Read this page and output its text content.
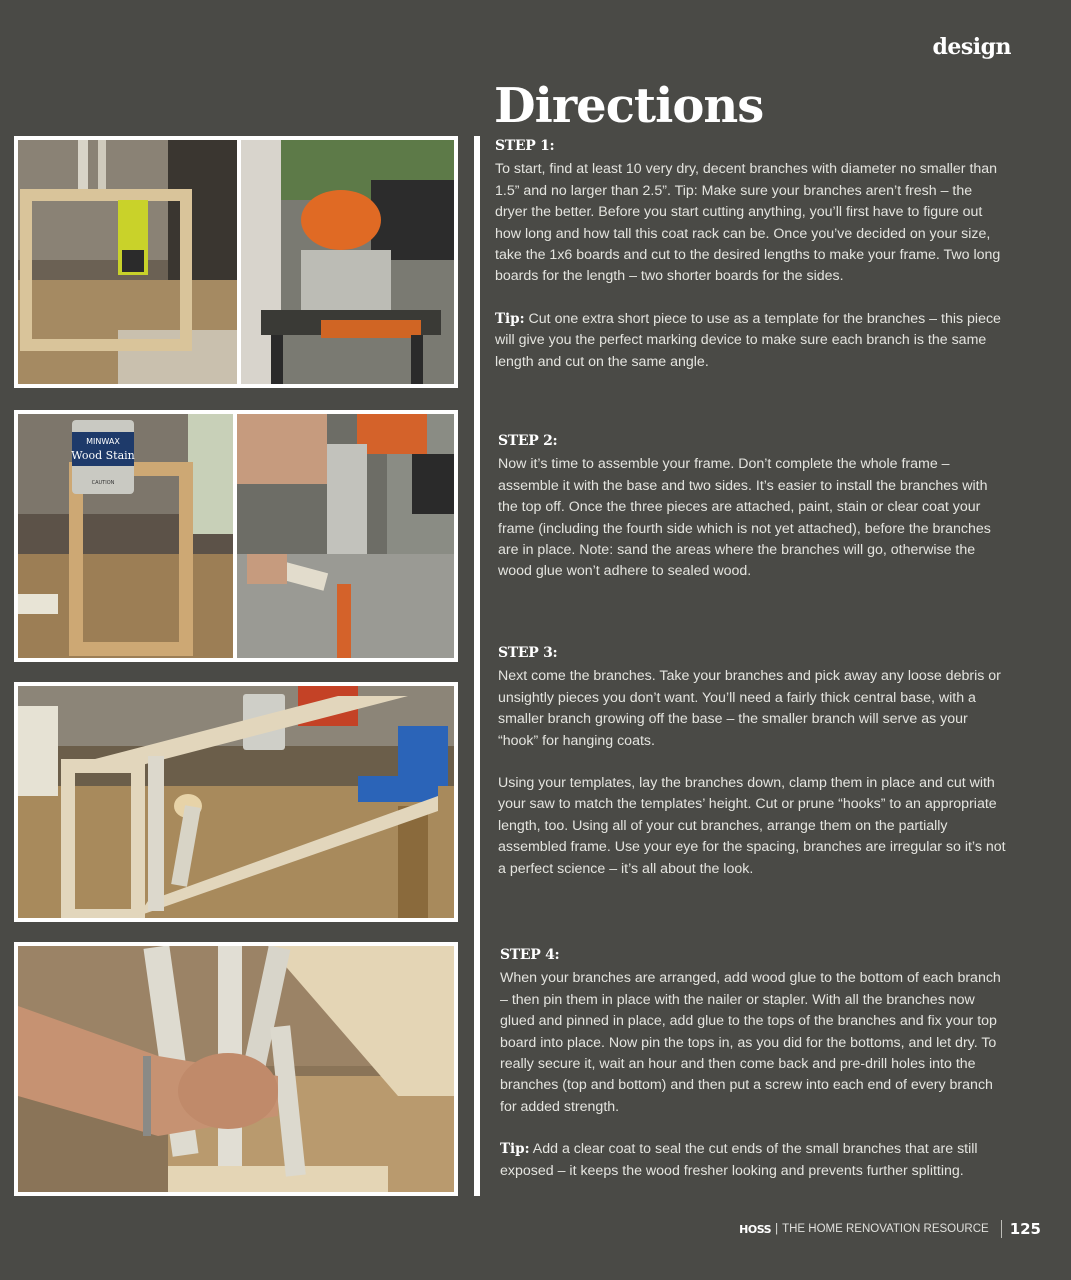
design
Directions
MINWAX
Wood Stain
CAUTION
STEP 1:

To start, find at least 10 very dry, decent branches with diameter no smaller than 1.5” and no larger than 2.5”. Tip: Make sure your branches aren’t fresh – the dryer the better. Before you start cutting anything, you’ll first have to figure out how long and how tall this coat rack can be. Once you’ve decided on your size, take the 1x6 boards and cut to the desired lengths to make your frame. Two long boards for the length – two shorter boards for the sides.

Tip: Cut one extra short piece to use as a template for the branches – this piece will give you the perfect marking device to make sure each branch is the same length and cut on the same angle.

STEP 2:

Now it’s time to assemble your frame. Don’t complete the whole frame – assemble it with the base and two sides. It’s easier to install the branches with the top off. Once the three pieces are attached, paint, stain or clear coat your frame (including the fourth side which is not yet attached), before the branches are in place. Note: sand the areas where the branches will go, otherwise the wood glue won’t adhere to sealed wood.

STEP 3:

Next come the branches. Take your branches and pick away any loose debris or unsightly pieces you don’t want. You’ll need a fairly thick central base, with a smaller branch growing off the base – the smaller branch will serve as your “hook” for hanging coats.

Using your templates, lay the branches down, clamp them in place and cut with your saw to match the templates’ height. Cut or prune “hooks” to an appropriate length, too. Using all of your cut branches, arrange them on the partially assembled frame. Use your eye for the spacing, branches are irregular so it’s not a perfect science – it’s all about the look.

STEP 4:

When your branches are arranged, add wood glue to the bottom of each branch – then pin them in place with the nailer or stapler. With all the branches now glued and pinned in place, add glue to the tops of the branches and fix your top board into place. Now pin the tops in, as you did for the bottoms, and let dry. To really secure it, wait an hour and then come back and pre-drill holes into the branches (top and bottom) and then put a screw into each end of every branch for added strength.

Tip: Add a clear coat to seal the cut ends of the small branches that are still exposed – it keeps the wood fresher looking and prevents further splitting.

HOSS | THE HOME RENOVATION RESOURCE	125
